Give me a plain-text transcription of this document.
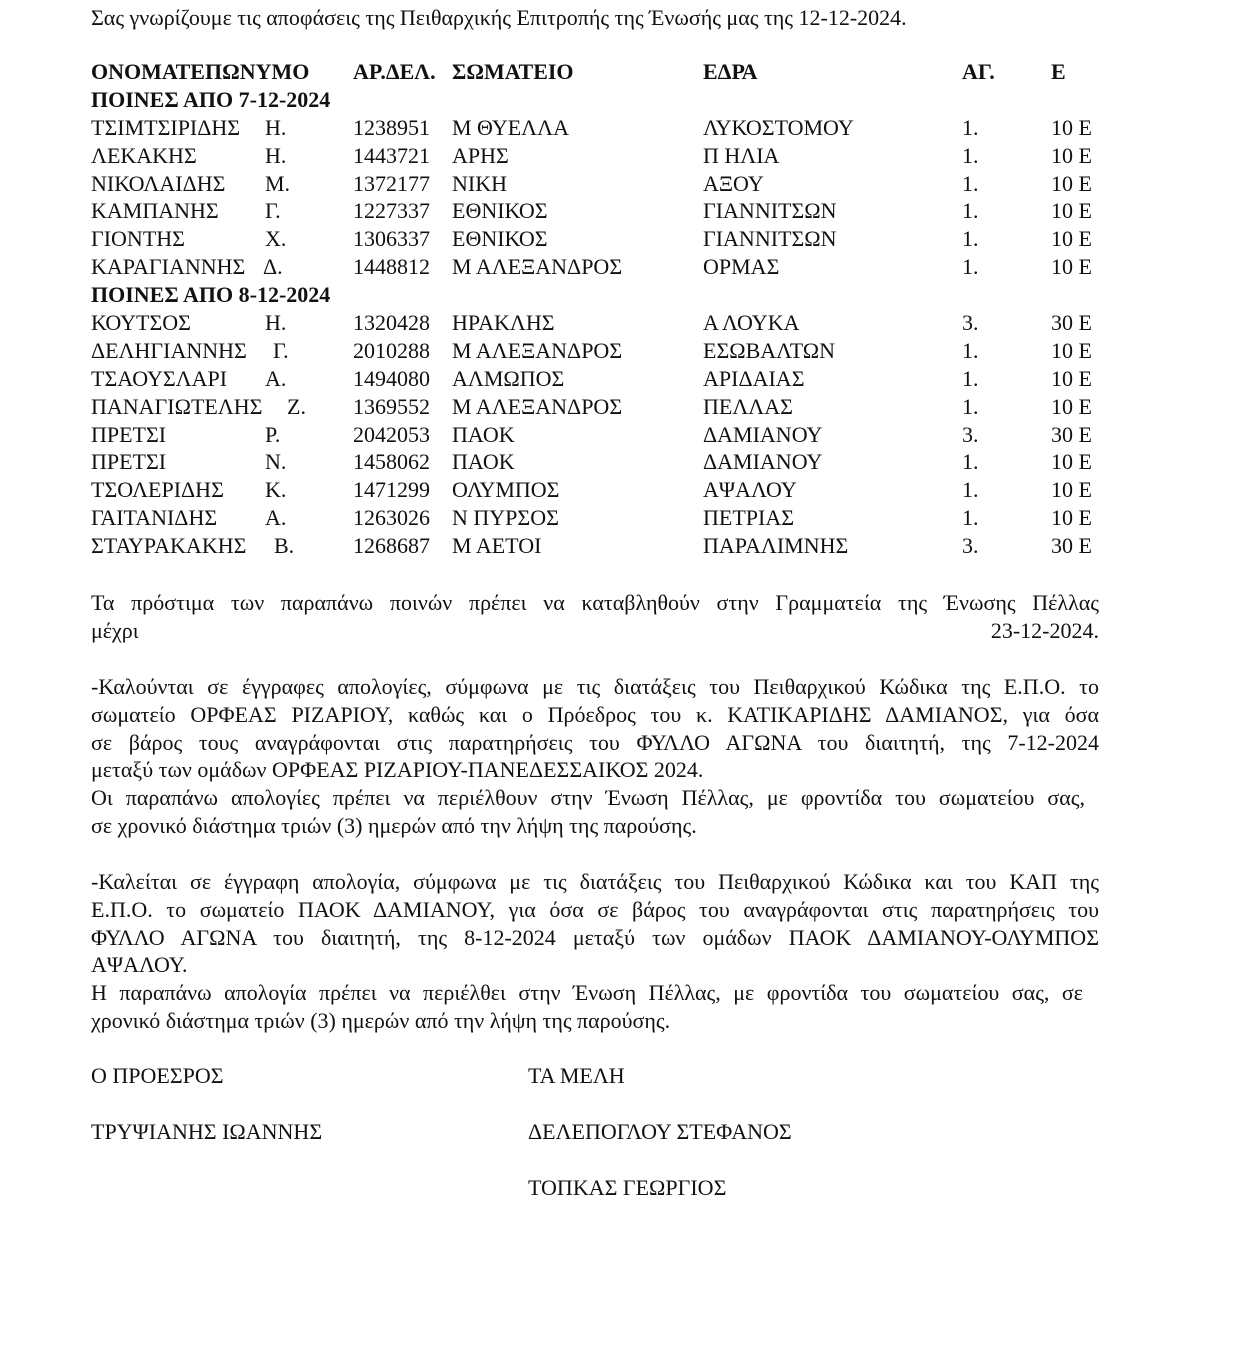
Σας γνωρίζουμε τις αποφάσεις της Πειθαρχικής Επιτροπής της Ένωσής μας της 12-12-2024.
ΟΝΟΜΑΤΕΠΩΝΥΜΟ ΑΡ.ΔΕΛ. ΣΩΜΑΤΕΙΟ	ΕΔΡΑ	ΑΓ.	Ε
ΠΟΙΝΕΣ ΑΠΟ 7-12-2024
ΤΣΙΜΤΣΙΡΙΔΗΣ Η.	1238951 Μ ΘΥΕΛΛΑ	ΛΥΚΟΣΤΟΜΟΥ	1.	10 Ε
ΛΕΚΑΚΗΣ	Η.	1443721 ΑΡΗΣ	Π ΗΛΙΑ	1.	10 Ε
ΝΙΚΟΛΑΙΔΗΣ Μ.	1372177 ΝΙΚΗ	ΑΞΟΥ	1.	10 Ε
ΚΑΜΠΑΝΗΣ Γ.	1227337 ΕΘΝΙΚΟΣ	ΓΙΑΝΝΙΤΣΩΝ	1.	10 Ε
ΓΙΟΝΤΗΣ	Χ.	1306337 ΕΘΝΙΚΟΣ	ΓΙΑΝΝΙΤΣΩΝ	1.	10 Ε
ΚΑΡΑΓΙΑΝΝΗΣ Δ.	1448812 Μ ΑΛΕΞΑΝΔΡΟΣ	ΟΡΜΑΣ	1.	10 Ε
ΠΟΙΝΕΣ ΑΠΟ 8-12-2024
ΚΟΥΤΣΟΣ	Η.	1320428 ΗΡΑΚΛΗΣ	Α ΛΟΥΚΑ	3.	30 Ε
ΔΕΛΗΓΙΑΝΝΗΣ Γ.	2010288 Μ ΑΛΕΞΑΝΔΡΟΣ	ΕΣΩΒΑΛΤΩΝ	1.	10 Ε
ΤΣΑΟΥΣΛΑΡΙ Α.	1494080 ΑΛΜΩΠΟΣ	ΑΡΙΔΑΙΑΣ	1.	10 Ε
ΠΑΝΑΓΙΩΤΕΛΗΣ Ζ. 1369552 Μ ΑΛΕΞΑΝΔΡΟΣ	ΠΕΛΛΑΣ	1.	10 Ε
ΠΡΕΤΣΙ	Ρ.	2042053 ΠΑΟΚ	ΔΑΜΙΑΝΟΥ	3.	30 Ε
ΠΡΕΤΣΙ	Ν.	1458062 ΠΑΟΚ	ΔΑΜΙΑΝΟΥ	1.	10 Ε
ΤΣΟΛΕΡΙΔΗΣ Κ.	1471299 ΟΛΥΜΠΟΣ	ΑΨΑΛΟΥ	1.	10 Ε
ΓΑΙΤΑΝΙΔΗΣ Α.	1263026 Ν ΠΥΡΣΟΣ	ΠΕΤΡΙΑΣ	1.	10 Ε
ΣΤΑΥΡΑΚΑΚΗΣ Β.	1268687 Μ ΑΕΤΟΙ	ΠΑΡΑΛΙΜΝΗΣ	3.	30 Ε
Τα πρόστιμα των παραπάνω ποινών πρέπει να καταβληθούν στην Γραμματεία της Ένωσης Πέλλας
μέχρι 23-12-2024.
-Καλούνται σε έγγραφες απολογίες, σύμφωνα με τις διατάξεις του Πειθαρχικού Κώδικα της Ε.Π.Ο. το
σωματείο ΟΡΦΕΑΣ ΡΙΖΑΡΙΟΥ, καθώς και ο Πρόεδρος του κ. ΚΑΤΙΚΑΡΙΔΗΣ ΔΑΜΙΑΝΟΣ, για όσα
σε βάρος τους αναγράφονται στις παρατηρήσεις του ΦΥΛΛΟ ΑΓΩΝΑ του διαιτητή, της 7-12-2024
μεταξύ των ομάδων ΟΡΦΕΑΣ ΡΙΖΑΡΙΟΥ-ΠΑΝΕΔΕΣΣΑΙΚΟΣ 2024.
Οι παραπάνω απολογίες πρέπει να περιέλθουν στην Ένωση Πέλλας, με φροντίδα του σωματείου σας,
σε χρονικό διάστημα τριών (3) ημερών από την λήψη της παρούσης.
-Καλείται σε έγγραφη απολογία, σύμφωνα με τις διατάξεις του Πειθαρχικού Κώδικα και του ΚΑΠ της
Ε.Π.Ο. το σωματείο ΠΑΟΚ ΔΑΜΙΑΝΟΥ, για όσα σε βάρος του αναγράφονται στις παρατηρήσεις του
ΦΥΛΛΟ ΑΓΩΝΑ του διαιτητή, της 8-12-2024 μεταξύ των ομάδων ΠΑΟΚ ΔΑΜΙΑΝΟΥ-ΟΛΥΜΠΟΣ
ΑΨΑΛΟΥ.
Η παραπάνω απολογία πρέπει να περιέλθει στην Ένωση Πέλλας, με φροντίδα του σωματείου σας, σε
χρονικό διάστημα τριών (3) ημερών από την λήψη της παρούσης.
Ο ΠΡΟΕΣΡΟΣ
ΤΡΥΨΙΑΝΗΣ ΙΩΑΝΝΗΣ
ΤΑ ΜΕΛΗ
ΔΕΛΕΠΟΓΛΟΥ ΣΤΕΦΑΝΟΣ
ΤΟΠΚΑΣ ΓΕΩΡΓΙΟΣ
